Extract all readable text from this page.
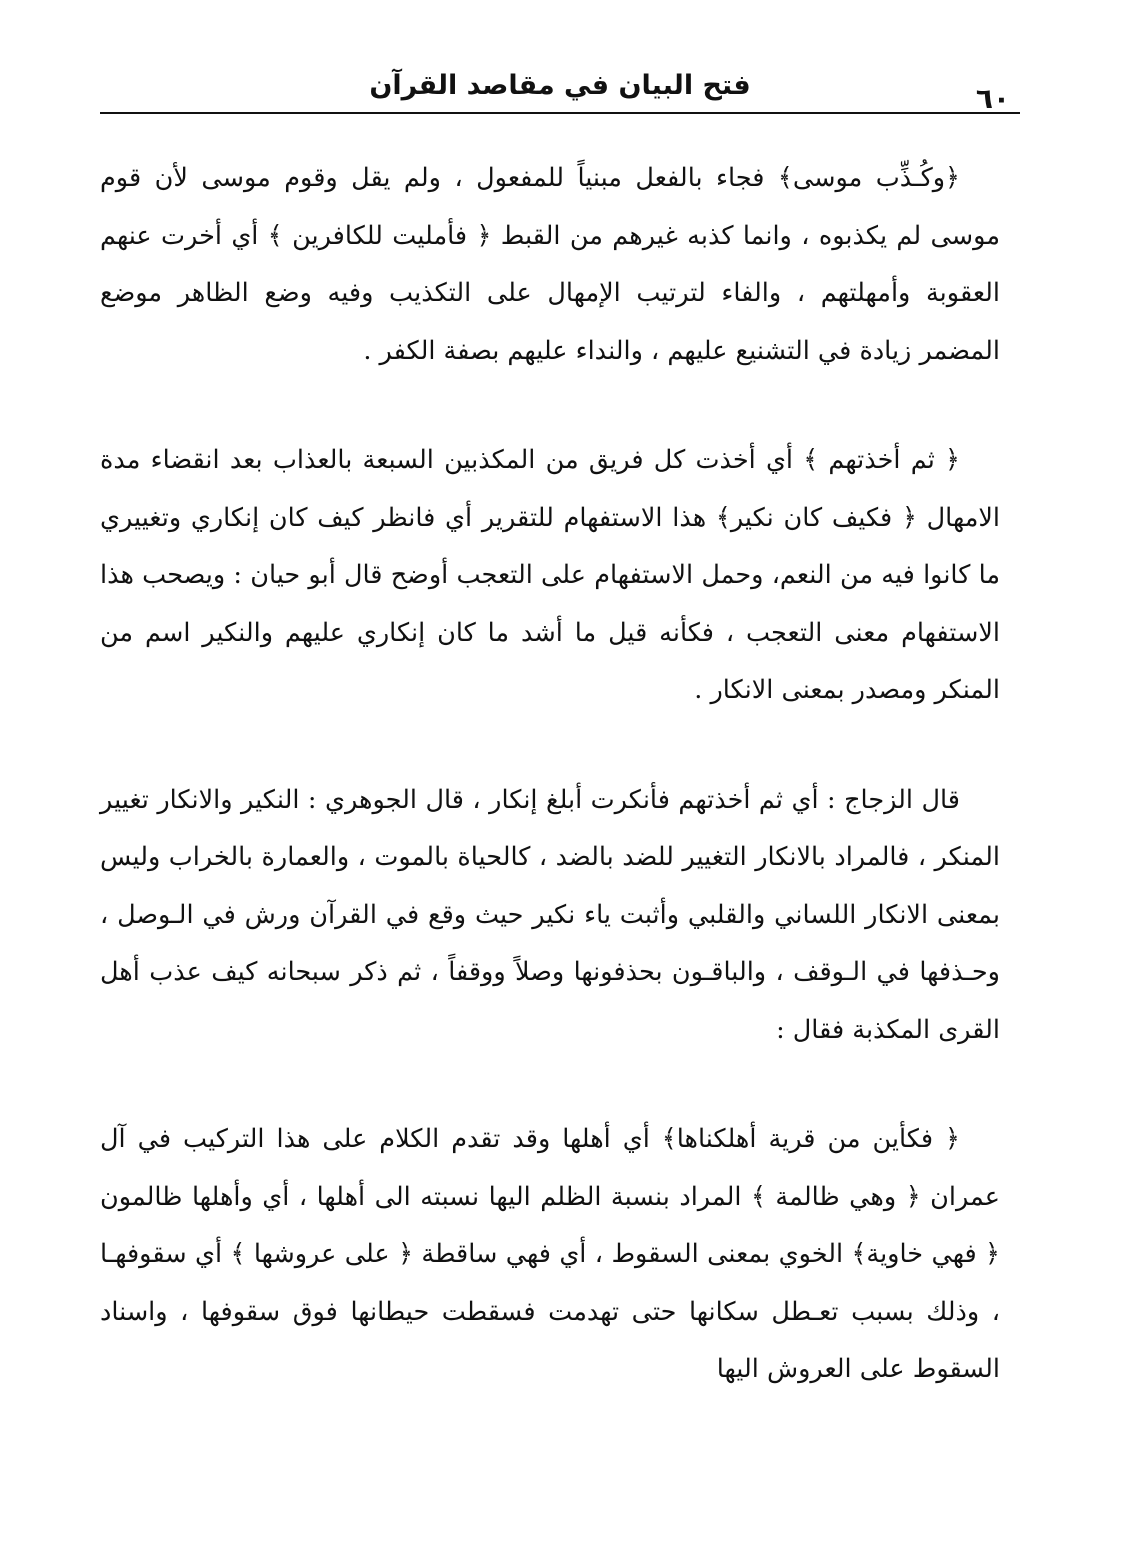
٦٠
فتح البيان في مقاصد القرآن

﴿وكُـذِّب موسى﴾ فجاء بالفعل مبنياً للمفعول ، ولم يقل وقوم موسى لأن قوم موسى لم يكذبوه ، وانما كذبه غيرهم من القبط ﴿ فأمليت للكافرين ﴾ أي أخرت عنهم العقوبة وأمهلتهم ، والفاء لترتيب الإمهال على التكذيب وفيه وضع الظاهر موضع المضمر زيادة في التشنيع عليهم ، والنداء عليهم بصفة الكفر .

﴿ ثم أخذتهم ﴾ أي أخذت كل فريق من المكذبين السبعة بالعذاب بعد انقضاء مدة الامهال ﴿ فكيف كان نكير﴾ هذا الاستفهام للتقرير أي فانظر كيف كان إنكاري وتغييري ما كانوا فيه من النعم، وحمل الاستفهام على التعجب أوضح قال أبو حيان : ويصحب هذا الاستفهام معنى التعجب ، فكأنه قيل ما أشد ما كان إنكاري عليهم والنكير اسم من المنكر ومصدر بمعنى الانكار .

قال الزجاج : أي ثم أخذتهم فأنكرت أبلغ إنكار ، قال الجوهري : النكير والانكار تغيير المنكر ، فالمراد بالانكار التغيير للضد بالضد ، كالحياة بالموت ، والعمارة بالخراب وليس بمعنى الانكار اللساني والقلبي وأثبت ياء نكير حيث وقع في القرآن ورش في الـوصل ، وحـذفها في الـوقف ، والباقـون بحذفونها وصلاً ووقفاً ، ثم ذكر سبحانه كيف عذب أهل القرى المكذبة فقال :

﴿ فكأين من قرية أهلكناها﴾ أي أهلها وقد تقدم الكلام على هذا التركيب في آل عمران ﴿ وهي ظالمة ﴾ المراد بنسبة الظلم اليها نسبته الى أهلها ، أي وأهلها ظالمون ﴿ فهي خاوية﴾ الخوي بمعنى السقوط ، أي فهي ساقطة ﴿ على عروشها ﴾ أي سقوفهـا ، وذلك بسبب تعـطل سكانها حتى تهدمت فسقطت حيطانها فوق سقوفها ، واسناد السقوط على العروش اليها
